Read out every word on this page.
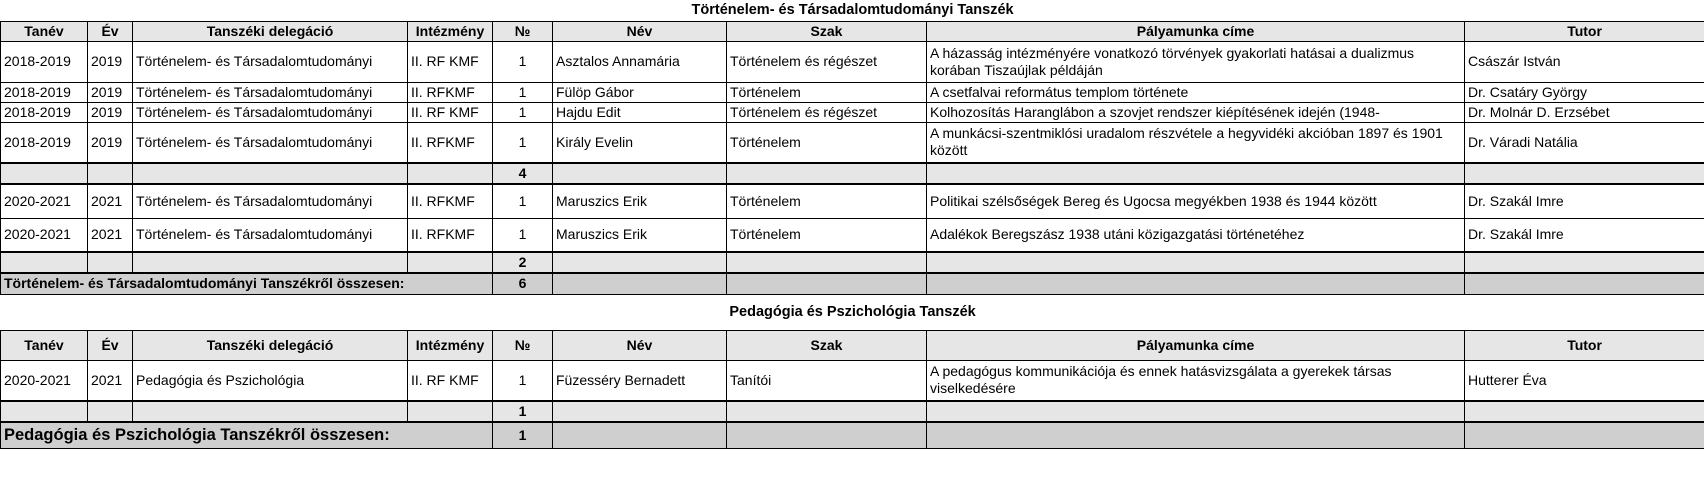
Történelem- és Társadalomtudományi Tanszék								
Tanév	Év	Tanszéki delegáció	Intézmény	№	Név	Szak	Pályamunka címe	Tutor
2018-2019	2019	Történelem- és Társadalomtudományi	II. RF KMF	1	Asztalos Annamária	Történelem és régészet	A házasság intézményére vonatkozó törvények gyakorlati hatásai a dualizmus korában Tiszaújlak példáján	Császár István
2018-2019	2019	Történelem- és Társadalomtudományi	II. RFKMF	1	Fülöp Gábor	Történelem	A csetfalvai református templom története	Dr. Csatáry György
2018-2019	2019	Történelem- és Társadalomtudományi	II. RF KMF	1	Hajdu Edit	Történelem és régészet	Kolhozosítás Haranglábon a szovjet rendszer kiépítésének idején (1948-	Dr. Molnár D. Erzsébet
2018-2019	2019	Történelem- és Társadalomtudományi	II. RFKMF	1	Király Evelin	Történelem	A munkácsi-szentmiklósi uradalom részvétele a hegyvidéki akcióban 1897 és 1901 között	Dr. Váradi Natália
				4				
2020-2021	2021	Történelem- és Társadalomtudományi	II. RFKMF	1	Maruszics Erik	Történelem	Politikai szélsőségek Bereg és Ugocsa megyékben 1938 és 1944 között	Dr. Szakál Imre
2020-2021	2021	Történelem- és Társadalomtudományi	II. RFKMF	1	Maruszics Erik	Történelem	Adalékok Beregszász 1938 utáni közigazgatási történetéhez	Dr. Szakál Imre
				2				
Történelem- és Társadalomtudományi Tanszékről összesen:				6				
Pedagógia és Pszichológia Tanszék								
Tanév	Év	Tanszéki delegáció	Intézmény	№	Név	Szak	Pályamunka címe	Tutor
2020-2021	2021	Pedagógia és Pszichológia	II. RF KMF	1	Füzesséry Bernadett	Tanítói	A pedagógus kommunikációja és ennek hatásvizsgálata a gyerekek társas viselkedésére	Hutterer Éva
				1				
Pedagógia és Pszichológia Tanszékről összesen:				1				
